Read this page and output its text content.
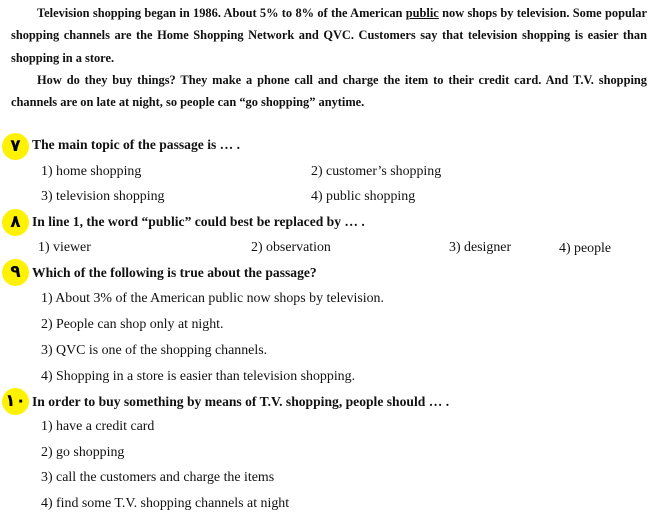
Television shopping began in 1986. About 5% to 8% of the American public now shops by television. Some popular shopping channels are the Home Shopping Network and QVC. Customers say that television shopping is easier than shopping in a store.

How do they buy things? They make a phone call and charge the item to their credit card. And T.V. shopping channels are on late at night, so people can “go shopping” anytime.

۷ The main topic of the passage is … .
1) home shopping	2) customer’s shopping
3) television shopping	4) public shopping
۸ In line 1, the word “public” could best be replaced by … .
1) viewer	2) observation	3) designer	4) people
۹ Which of the following is true about the passage?
1) About 3% of the American public now shops by television.
2) People can shop only at night.
3) QVC is one of the shopping channels.
4) Shopping in a store is easier than television shopping.
۱۰ In order to buy something by means of T.V. shopping, people should … .
1) have a credit card
2) go shopping
3) call the customers and charge the items
4) find some T.V. shopping channels at night
